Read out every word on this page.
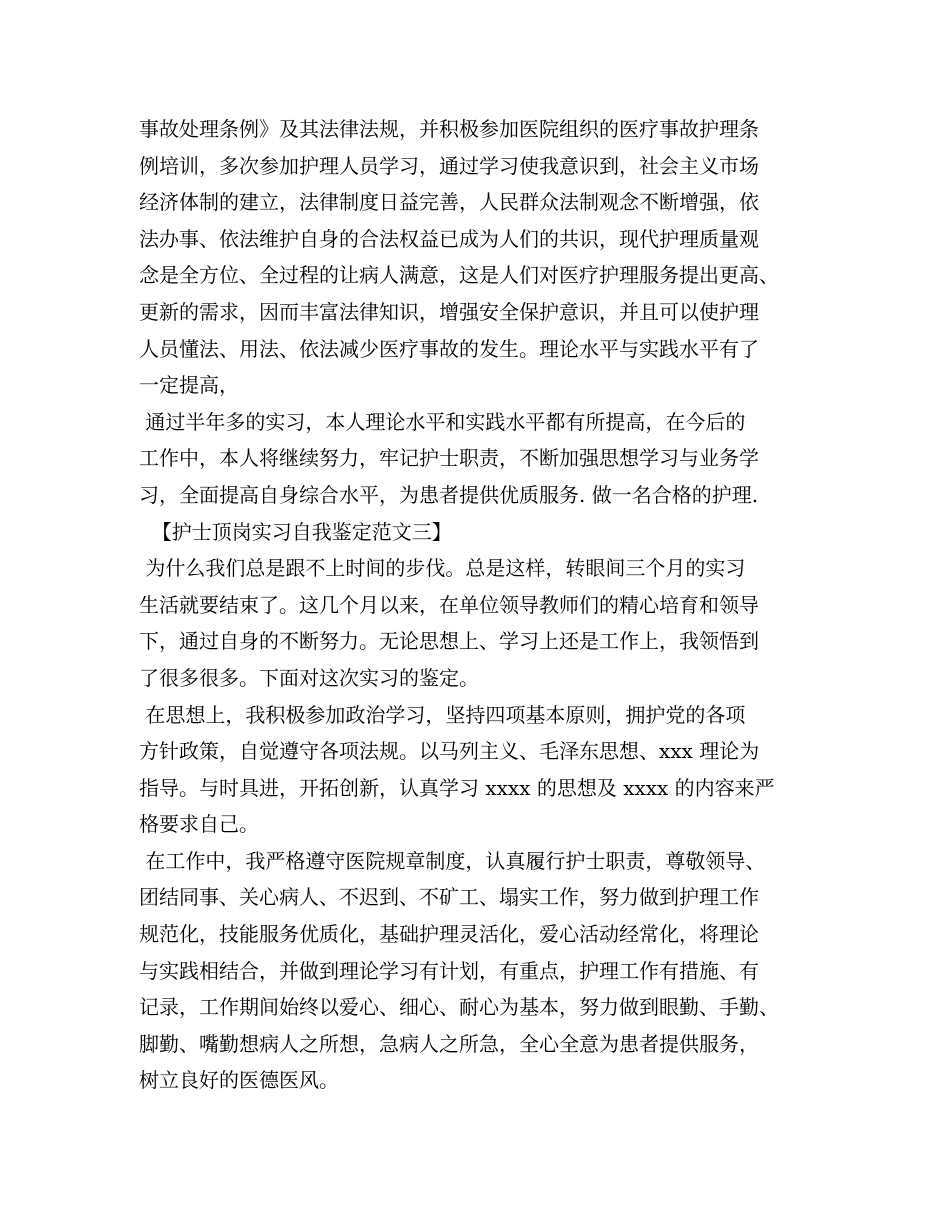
事故处理条例》及其法律法规，并积极参加医院组织的医疗事故护理条
例培训，多次参加护理人员学习，通过学习使我意识到，社会主义市场
经济体制的建立，法律制度日益完善，人民群众法制观念不断增强，依
法办事、依法维护自身的合法权益已成为人们的共识，现代护理质量观
念是全方位、全过程的让病人满意，这是人们对医疗护理服务提出更高、
更新的需求，因而丰富法律知识，增强安全保护意识，并且可以使护理
人员懂法、用法、依法减少医疗事故的发生。理论水平与实践水平有了
一定提高，
通过半年多的实习，本人理论水平和实践水平都有所提高，在今后的
工作中，本人将继续努力，牢记护士职责，不断加强思想学习与业务学
习，全面提高自身综合水平，为患者提供优质服务. 做一名合格的护理.
【护士顶岗实习自我鉴定范文三】
为什么我们总是跟不上时间的步伐。总是这样，转眼间三个月的实习
生活就要结束了。这几个月以来，在单位领导教师们的精心培育和领导
下，通过自身的不断努力。无论思想上、学习上还是工作上，我领悟到
了很多很多。下面对这次实习的鉴定。
在思想上，我积极参加政治学习，坚持四项基本原则，拥护党的各项
方针政策，自觉遵守各项法规。以马列主义、毛泽东思想、xxx 理论为
指导。与时具进，开拓创新，认真学习 xxxx 的思想及 xxxx 的内容来严
格要求自己。
在工作中，我严格遵守医院规章制度，认真履行护士职责，尊敬领导、
团结同事、关心病人、不迟到、不矿工、塌实工作，努力做到护理工作
规范化，技能服务优质化，基础护理灵活化，爱心活动经常化，将理论
与实践相结合，并做到理论学习有计划，有重点，护理工作有措施、有
记录，工作期间始终以爱心、细心、耐心为基本，努力做到眼勤、手勤、
脚勤、嘴勤想病人之所想，急病人之所急，全心全意为患者提供服务，
树立良好的医德医风。
